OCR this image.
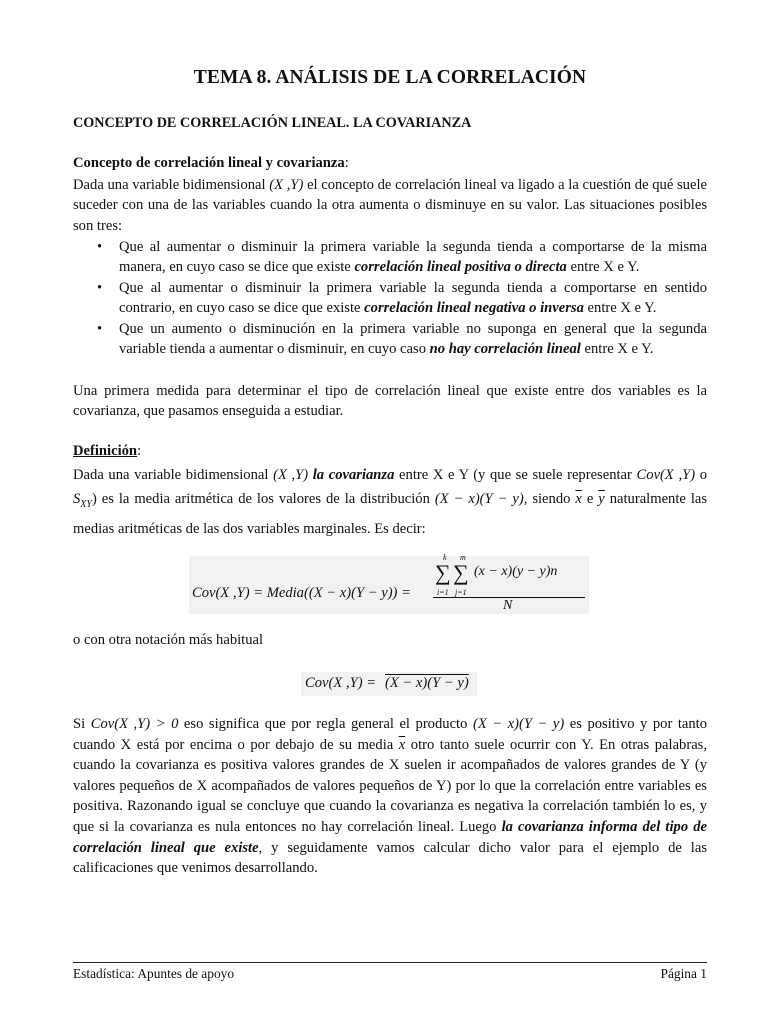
TEMA 8. ANÁLISIS DE LA CORRELACIÓN
CONCEPTO DE CORRELACIÓN LINEAL. LA COVARIANZA
Concepto de correlación lineal y covarianza:

Dada una variable bidimensional (X ,Y) el concepto de correlación lineal va ligado a la cuestión de qué suele suceder con una de las variables cuando la otra aumenta o disminuye en su valor. Las situaciones posibles son tres:

• Que al aumentar o disminuir la primera variable la segunda tienda a comportarse de la misma manera, en cuyo caso se dice que existe correlación lineal positiva o directa entre X e Y.
• Que al aumentar o disminuir la primera variable la segunda tienda a comportarse en sentido contrario, en cuyo caso se dice que existe correlación lineal negativa o inversa entre X e Y.
• Que un aumento o disminución en la primera variable no suponga en general que la segunda variable tienda a aumentar o disminuir, en cuyo caso no hay correlación lineal entre X e Y.

Una primera medida para determinar el tipo de correlación lineal que existe entre dos variables es la covarianza, que pasamos enseguida a estudiar.

Definición:

Dada una variable bidimensional (X ,Y) la covarianza entre X e Y (y que se suele representar Cov(X ,Y) o $S_{XY}$) es la media aritmética de los valores de la distribución (X − x)(Y − y), siendo $\overline{x}$ e $\overline{y}$ naturalmente las medias aritméticas de las dos variables marginales. Es decir:

Cov(X ,Y) = Media((X − x)(Y − y)) =
∑ ∑
k m
i=1 j=1
(x − x)(y − y)n
N

o con otra notación más habitual

Cov(X ,Y) = (X − x)(Y − y)

Si Cov(X ,Y) > 0 eso significa que por regla general el producto (X − x)(Y − y) es positivo y por tanto cuando X está por encima o por debajo de su media $\overline{x}$ otro tanto suele ocurrir con Y. En otras palabras, cuando la covarianza es positiva valores grandes de X suelen ir acompañados de valores grandes de Y (y valores pequeños de X acompañados de valores pequeños de Y) por lo que la correlación entre variables es positiva. Razonando igual se concluye que cuando la covarianza es negativa la correlación también lo es, y que si la covarianza es nula entonces no hay correlación lineal. Luego la covarianza informa del tipo de correlación lineal que existe, y seguidamente vamos calcular dicho valor para el ejemplo de las calificaciones que venimos desarrollando.

Estadística: Apuntes de apoyo	Página 1
